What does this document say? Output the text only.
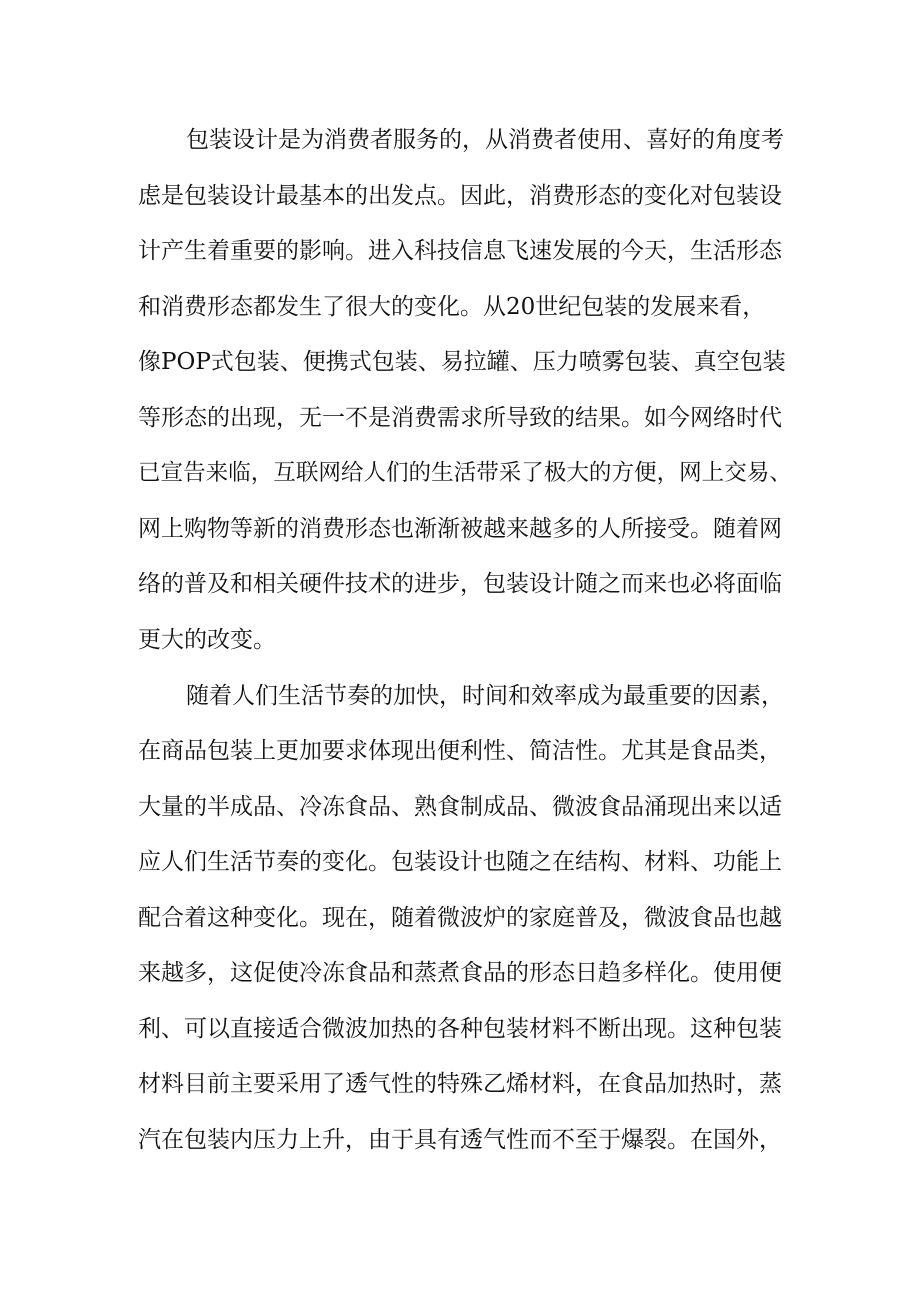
包装设计是为消费者服务的，从消费者使用、喜好的角度考
虑是包装设计最基本的出发点。因此，消费形态的变化对包装设
计产生着重要的影响。进入科技信息飞速发展的今天，生活形态
和消费形态都发生了很大的变化。从20世纪包装的发展来看，
像POP式包装、便携式包装、易拉罐、压力喷雾包装、真空包装
等形态的出现，无一不是消费需求所导致的结果。如今网络时代
已宣告来临，互联网给人们的生活带采了极大的方便，网上交易、
网上购物等新的消费形态也渐渐被越来越多的人所接受。随着网
络的普及和相关硬件技术的进步，包装设计随之而来也必将面临
更大的改变。
随着人们生活节奏的加快，时间和效率成为最重要的因素，
在商品包装上更加要求体现出便利性、简洁性。尤其是食品类，
大量的半成品、冷冻食品、熟食制成品、微波食品涌现出来以适
应人们生活节奏的变化。包装设计也随之在结构、材料、功能上
配合着这种变化。现在，随着微波炉的家庭普及，微波食品也越
来越多，这促使冷冻食品和蒸煮食品的形态日趋多样化。使用便
利、可以直接适合微波加热的各种包装材料不断出现。这种包装
材料目前主要采用了透气性的特殊乙烯材料，在食品加热时，蒸
汽在包装内压力上升，由于具有透气性而不至于爆裂。在国外，
